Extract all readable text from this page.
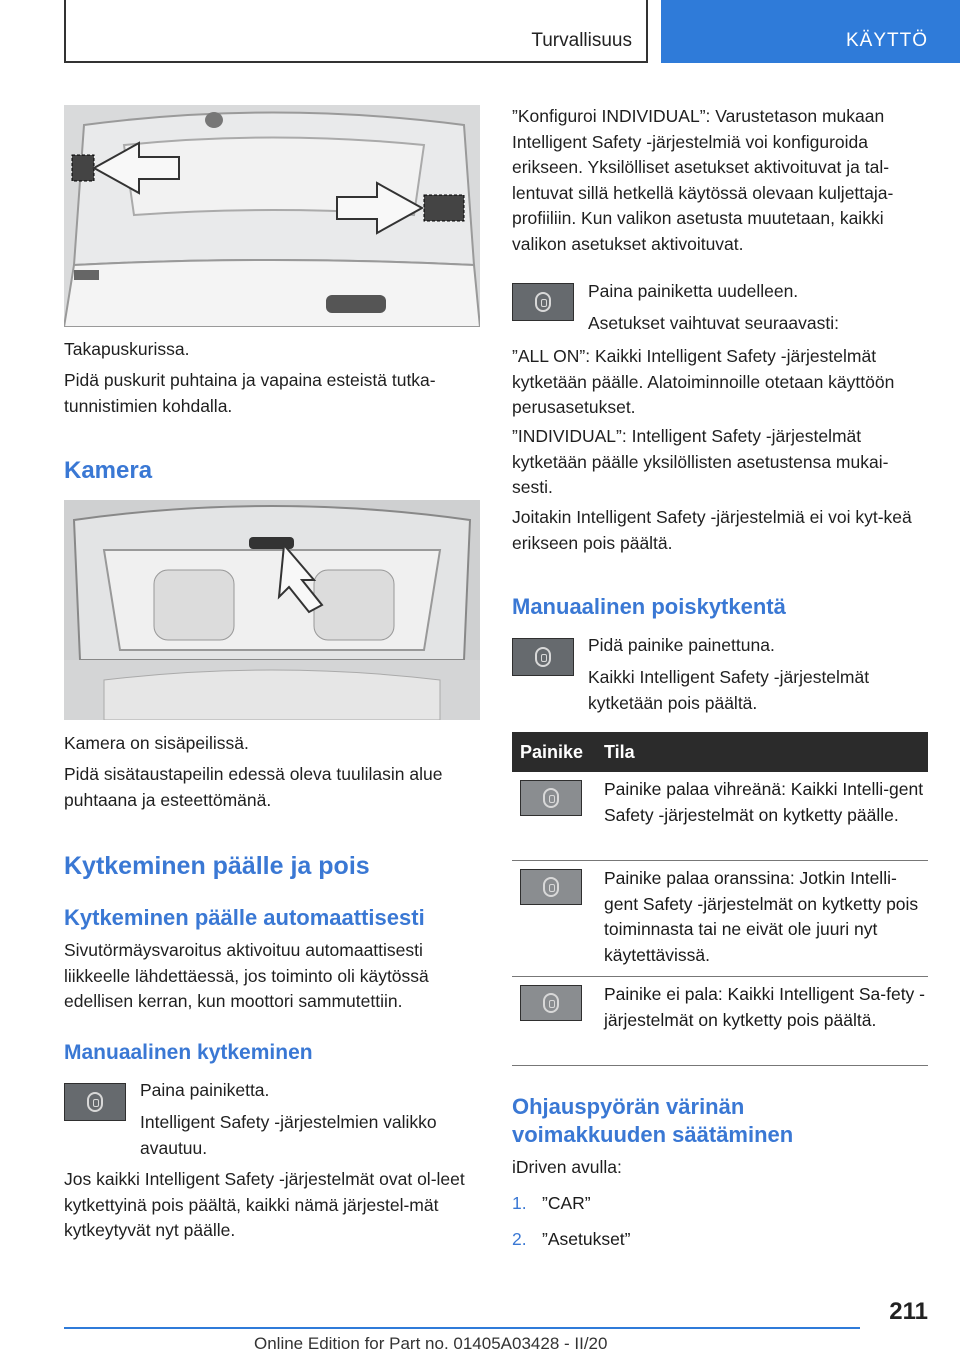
Turvallisuus	KÄYTTÖ

Takapuskurissa.

Pidä puskurit puhtaina ja vapaina esteistä tutka-tunnistimien kohdalla.

Kamera

Kamera on sisäpeilissä.

Pidä sisätaustapeilin edessä oleva tuulilasin alue puhtaana ja esteettömänä.

Kytkeminen päälle ja pois
Kytkeminen päälle automaattisesti

Sivutörmäysvaroitus aktivoituu automaattisesti liikkeelle lähdettäessä, jos toiminto oli käytössä edellisen kerran, kun moottori sammutettiin.

Manuaalinen kytkeminen

Paina painiketta.

Intelligent Safety -järjestelmien valikko avautuu.

Jos kaikki Intelligent Safety -järjestelmät ovat ol-leet kytkettyinä pois päältä, kaikki nämä järjestel-mät kytkeytyvät nyt päälle.

”Konfiguroi INDIVIDUAL”: Varustetason mukaan Intelligent Safety -järjestelmiä voi konfiguroida erikseen. Yksilölliset asetukset aktivoituvat ja tal-lentuvat sillä hetkellä käytössä olevaan kuljettaja-profiiliin. Kun valikon asetusta muutetaan, kaikki valikon asetukset aktivoituvat.

Paina painiketta uudelleen.

Asetukset vaihtuvat seuraavasti:

”ALL ON”: Kaikki Intelligent Safety -järjestelmät kytketään päälle. Alatoiminnoille otetaan käyttöön perusasetukset.

”INDIVIDUAL”: Intelligent Safety -järjestelmät kytketään päälle yksilöllisten asetustensa mukai-sesti.

Joitakin Intelligent Safety -järjestelmiä ei voi kyt-keä erikseen pois päältä.

Manuaalinen poiskytkentä

Pidä painike painettuna.

Kaikki Intelligent Safety -järjestelmät kytketään pois päältä.

Painike Tila

Painike palaa vihreänä: Kaikki Intelli-gent Safety -järjestelmät on kytketty päälle.

Painike palaa oranssina: Jotkin Intelli-gent Safety -järjestelmät on kytketty pois toiminnasta tai ne eivät ole juuri nyt käytettävissä.

Painike ei pala: Kaikki Intelligent Sa-fety -järjestelmät on kytketty pois päältä.

Ohjauspyörän värinän voimakkuuden säätäminen

iDriven avulla:

1. ”CAR”
2. ”Asetukset”
211
Online Edition for Part no. 01405A03428 - II/20
